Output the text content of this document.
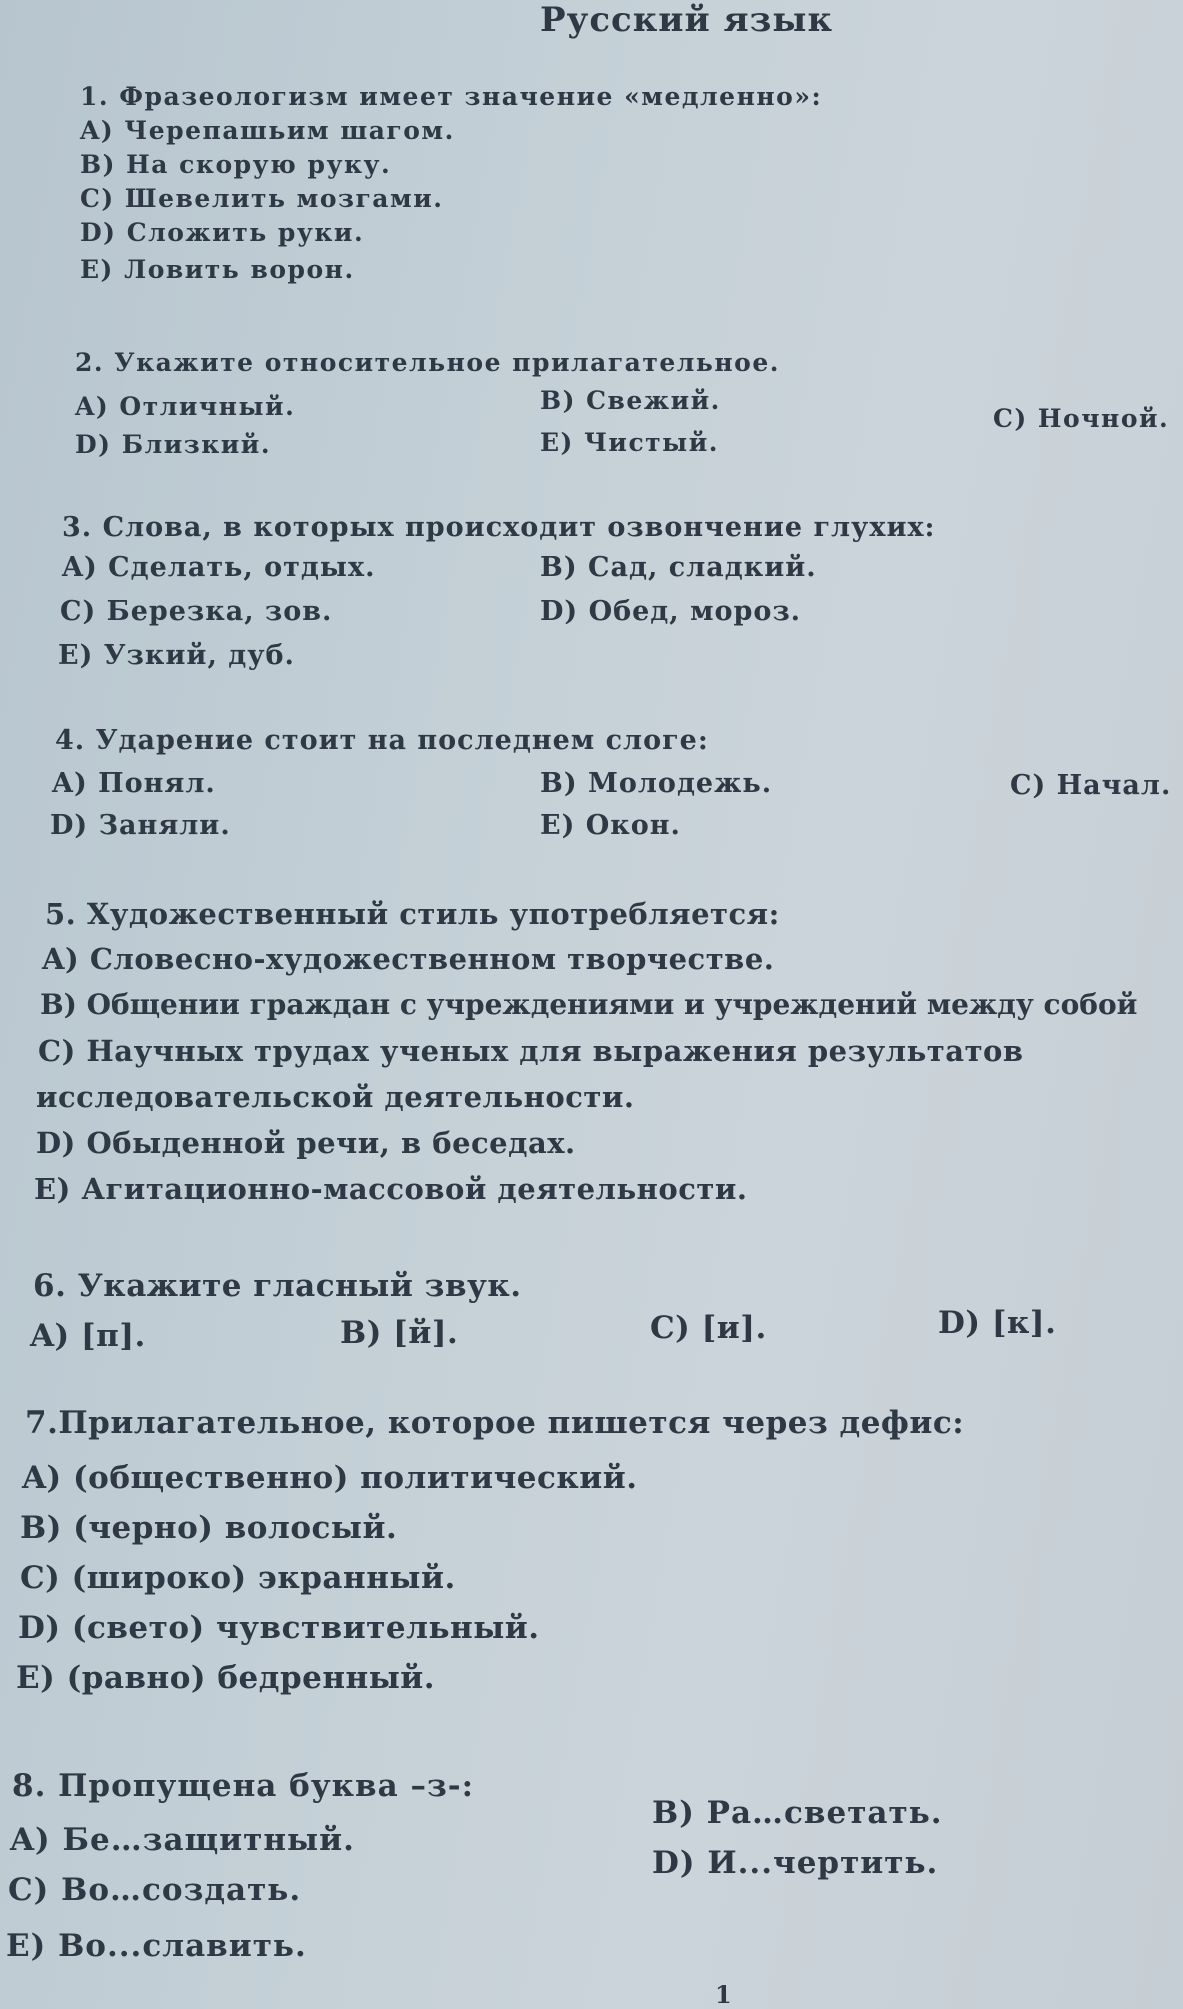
Русский язык
1. Фразеологизм имеет значение «медленно»:
A) Черепашьим шагом.
B) На скорую руку.
C) Шевелить мозгами.
D) Сложить руки.
E) Ловить ворон.
2. Укажите относительное прилагательное.
A) Отличный.	B) Свежий.
C) Ночной.
D) Близкий.	E) Чистый.
3. Слова, в которых происходит озвончение глухих:
A) Сделать, отдых.	B) Сад, сладкий.
C) Березка, зов.	D) Обед, мороз.
E) Узкий, дуб.
4. Ударение стоит на последнем слоге:
A) Понял.	B) Молодежь.	C) Начал.
D) Заняли.	E) Окон.
5. Художественный стиль употребляется:
A) Словесно-художественном творчестве.
B) Общении граждан с учреждениями и учреждений между собой
C) Научных трудах ученых для выражения результатов
исследовательской деятельности.
D) Обыденной речи, в беседах.
E) Агитационно-массовой деятельности.
6. Укажите гласный звук.
A) [п].	B) [й].	C) [и].	D) [к].
7.Прилагательное, которое пишется через дефис:
A) (общественно) политический.
B) (черно) волосый.
C) (широко) экранный.
D) (свето) чувствительный.
E) (равно) бедренный.
8. Пропущена буква –з-:
A) Бе…защитный.
B) Ра…светать.
C) Во…создать.
D) И...чертить.
E) Во...славить.
1
